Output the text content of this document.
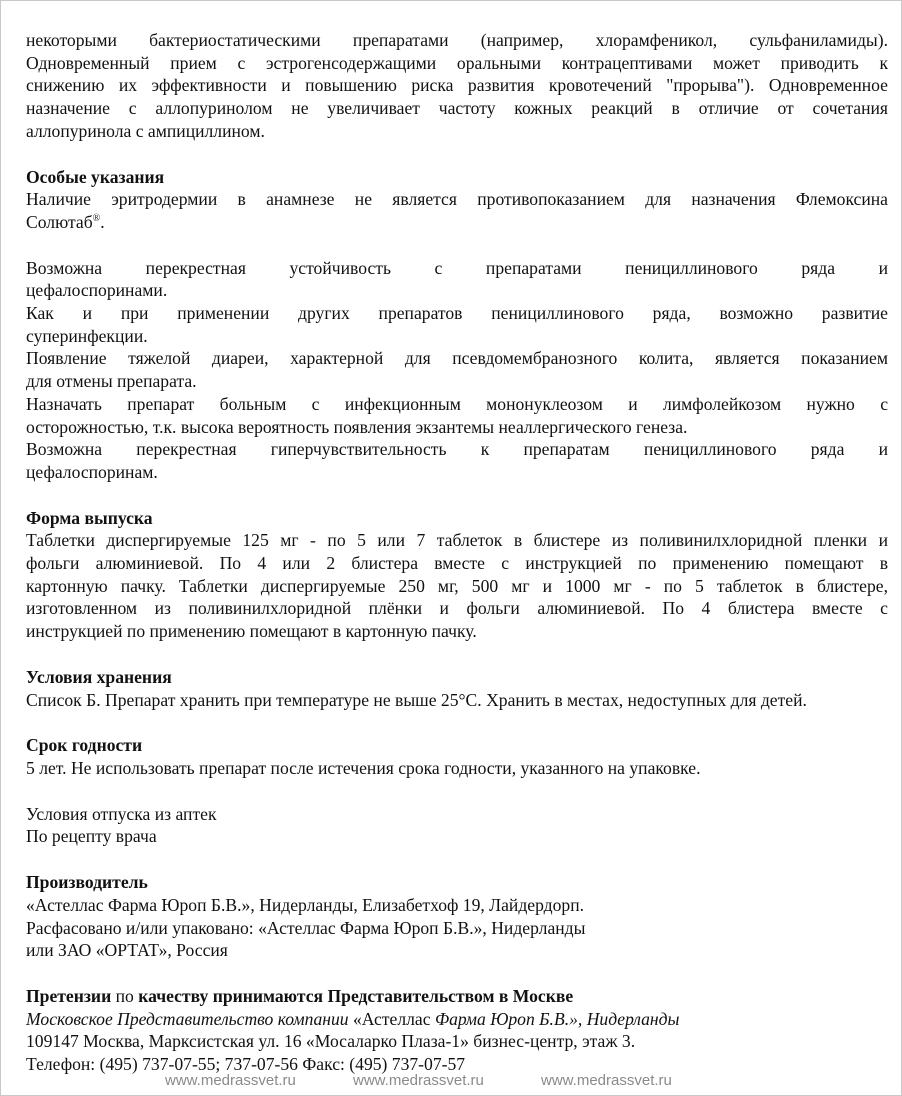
некоторыми бактериостатическими препаратами (например, хлорамфеникол, сульфаниламиды).

Одновременный прием с эстрогенсодержащими оральными контрацептивами может приводить к

снижению их эффективности и повышению риска развития кровотечений "прорыва"). Одновременное

назначение с аллопуринолом не увеличивает частоту кожных реакций в отличие от сочетания

аллопуринола с ампициллином.

Особые указания

Наличие эритродермии в анамнезе не является противопоказанием для назначения Флемоксина

Солютаб®.

Возможна перекрестная устойчивость с препаратами пенициллинового ряда и

цефалоспоринами.

Как и при применении других препаратов пенициллинового ряда, возможно развитие

суперинфекции.

Появление тяжелой диареи, характерной для псевдомембранозного колита, является показанием

для отмены препарата.

Назначать препарат больным с инфекционным мононуклеозом и лимфолейкозом нужно с

осторожностью, т.к. высока вероятность появления экзантемы неаллергического генеза.

Возможна перекрестная гиперчувствительность к препаратам пенициллинового ряда и

цефалоспоринам.

Форма выпуска

Таблетки диспергируемые 125 мг - по 5 или 7 таблеток в блистере из поливинилхлоридной пленки и

фольги алюминиевой. По 4 или 2 блистера вместе с инструкцией по применению помещают в

картонную пачку. Таблетки диспергируемые 250 мг, 500 мг и 1000 мг - по 5 таблеток в блистере,

изготовленном из поливинилхлоридной плёнки и фольги алюминиевой. По 4 блистера вместе с

инструкцией по применению помещают в картонную пачку.

Условия хранения

Список Б. Препарат хранить при температуре не выше 25°С. Хранить в местах, недоступных для детей.

Срок годности

5 лет. Не использовать препарат после истечения срока годности, указанного на упаковке.

Условия отпуска из аптек

По рецепту врача

Производитель

«Астеллас Фарма Юроп Б.В.», Нидерланды, Елизабетхоф 19, Лайдердорп.

Расфасовано и/или упаковано: «Астеллас Фарма Юроп Б.В.», Нидерланды

или ЗАО «ОРТАТ», Россия

Претензии по качеству принимаются Представительством в Москве

Московское Представительство компании «Астеллас Фарма Юроп Б.В.», Нидерланды

109147 Москва, Марксистская ул. 16 «Мосаларко Плаза-1» бизнес-центр, этаж 3.

Телефон: (495) 737-07-55; 737-07-56 Факс: (495) 737-07-57

www.medrassvet.ru	www.medrassvet.ru	www.medrassvet.ru
